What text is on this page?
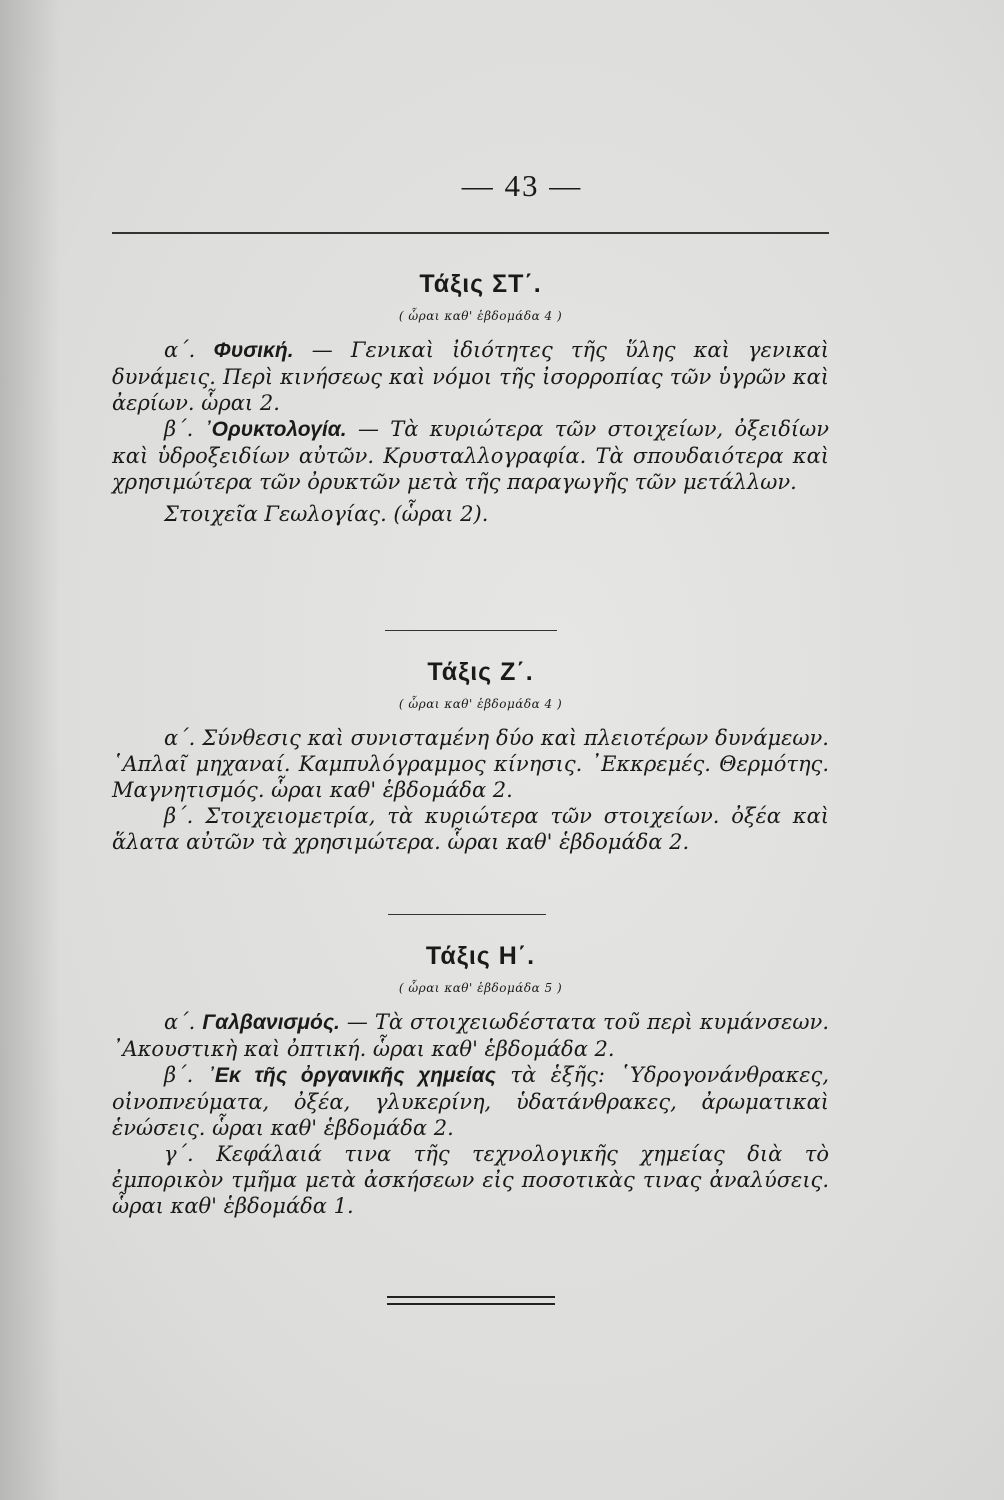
— 43 —
Τάξις ΣΤ΄.
( ὧραι καθ' ἑβδομάδα 4 )

α΄. Φυσική. — Γενικαὶ ἰδιότητες τῆς ὕλης καὶ γενικαὶ δυνάμεις. Περὶ κινήσεως καὶ νόμοι τῆς ἰσορροπίας τῶν ὑγρῶν καὶ ἀερίων. ὧραι 2.

β΄. ᾿Ορυκτολογία. — Τὰ κυριώτερα τῶν στοιχείων, ὀξειδίων καὶ ὑδροξειδίων αὐτῶν. Κρυσταλλογραφία. Τὰ σπουδαιότερα καὶ χρησιμώτερα τῶν ὀρυκτῶν μετὰ τῆς παραγωγῆς τῶν μετάλλων.

Στοιχεῖα Γεωλογίας. (ὧραι 2).

Τάξις Ζ΄.
( ὧραι καθ' ἑβδομάδα 4 )

α΄. Σύνθεσις καὶ συνισταμένη δύο καὶ πλειοτέρων δυνάμεων. ῾Απλαῖ μηχαναί. Καμπυλόγραμμος κίνησις. ᾿Εκκρεμές. Θερμότης. Μαγνητισμός. ὧραι καθ' ἑβδομάδα 2.

β΄. Στοιχειομετρία, τὰ κυριώτερα τῶν στοιχείων. ὀξέα καὶ ἅλατα αὐτῶν τὰ χρησιμώτερα. ὧραι καθ' ἑβδομάδα 2.

Τάξις Η΄.
( ὧραι καθ' ἑβδομάδα 5 )

α΄. Γαλβανισμός. — Τὰ στοιχειωδέστατα τοῦ περὶ κυμάνσεων. ᾿Ακουστικὴ καὶ ὀπτική. ὧραι καθ' ἑβδομάδα 2.

β΄. ᾿Εκ τῆς ὀργανικῆς χημείας τὰ ἑξῆς: ῾Υδρογονάνθρακες, οἰνοπνεύματα, ὀξέα, γλυκερίνη, ὑδατάνθρακες, ἀρωματικαὶ ἑνώσεις. ὧραι καθ' ἑβδομάδα 2.

γ΄. Κεφάλαιά τινα τῆς τεχνολογικῆς χημείας διὰ τὸ ἐμπορικὸν τμῆμα μετὰ ἀσκήσεων εἰς ποσοτικὰς τινας ἀναλύσεις. ὧραι καθ' ἑβδομάδα 1.
